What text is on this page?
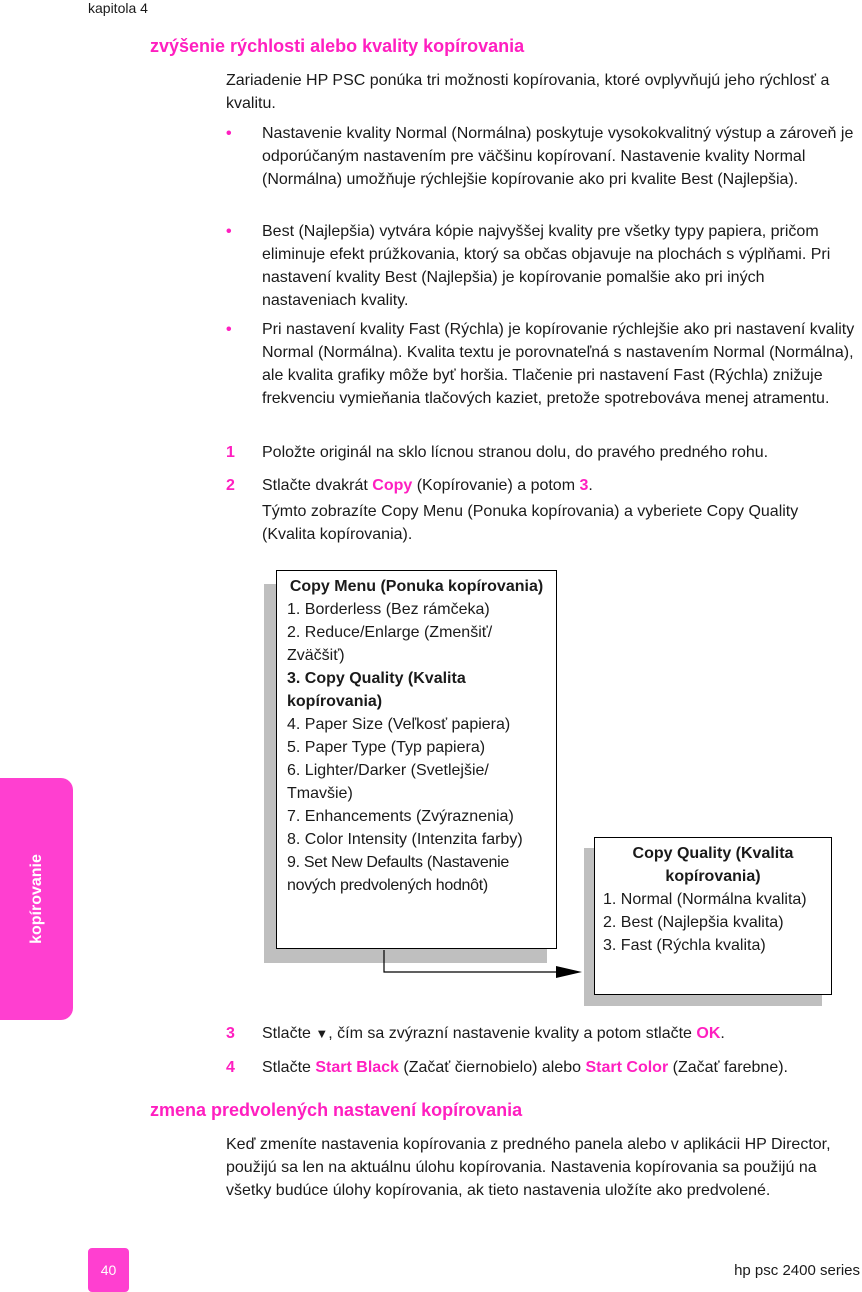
kapitola 4
kopírovanie
zvýšenie rýchlosti alebo kvality kopírovania
Zariadenie HP PSC ponúka tri možnosti kopírovania, ktoré ovplyvňujú jeho rýchlosť a kvalitu.
• Nastavenie kvality Normal (Normálna) poskytuje vysokokvalitný výstup a zároveň je odporúčaným nastavením pre väčšinu kopírovaní. Nastavenie kvality Normal (Normálna) umožňuje rýchlejšie kopírovanie ako pri kvalite Best (Najlepšia).
• Best (Najlepšia) vytvára kópie najvyššej kvality pre všetky typy papiera, pričom eliminuje efekt prúžkovania, ktorý sa občas objavuje na plochách s výplňami. Pri nastavení kvality Best (Najlepšia) je kopírovanie pomalšie ako pri iných nastaveniach kvality.
• Pri nastavení kvality Fast (Rýchla) je kopírovanie rýchlejšie ako pri nastavení kvality Normal (Normálna). Kvalita textu je porovnateľná s nastavením Normal (Normálna), ale kvalita grafiky môže byť horšia. Tlačenie pri nastavení Fast (Rýchla) znižuje frekvenciu vymieňania tlačových kaziet, pretože spotrebováva menej atramentu.
1 Položte originál na sklo lícnou stranou dolu, do pravého predného rohu.
2 Stlačte dvakrát Copy (Kopírovanie) a potom 3.
Týmto zobrazíte Copy Menu (Ponuka kopírovania) a vyberiete Copy Quality (Kvalita kopírovania).
Copy Menu (Ponuka kopírovania)
1. Borderless (Bez rámčeka)
2. Reduce/Enlarge (Zmenšiť/ Zväčšiť)
3. Copy Quality (Kvalita kopírovania)
4. Paper Size (Veľkosť papiera)
5. Paper Type (Typ papiera)
6. Lighter/Darker (Svetlejšie/ Tmavšie)
7. Enhancements (Zvýraznenia)
8. Color Intensity (Intenzita farby)
9. Set New Defaults (Nastavenie nových predvolených hodnôt)
Copy Quality (Kvalita kopírovania)
1. Normal (Normálna kvalita)
2. Best (Najlepšia kvalita)
3. Fast (Rýchla kvalita)
3 Stlačte ▼, čím sa zvýrazní nastavenie kvality a potom stlačte OK.
4 Stlačte Start Black (Začať čiernobielo) alebo Start Color (Začať farebne).
zmena predvolených nastavení kopírovania
Keď zmeníte nastavenia kopírovania z predného panela alebo v aplikácii HP Director, použijú sa len na aktuálnu úlohu kopírovania. Nastavenia kopírovania sa použijú na všetky budúce úlohy kopírovania, ak tieto nastavenia uložíte ako predvolené.
40	hp psc 2400 series
